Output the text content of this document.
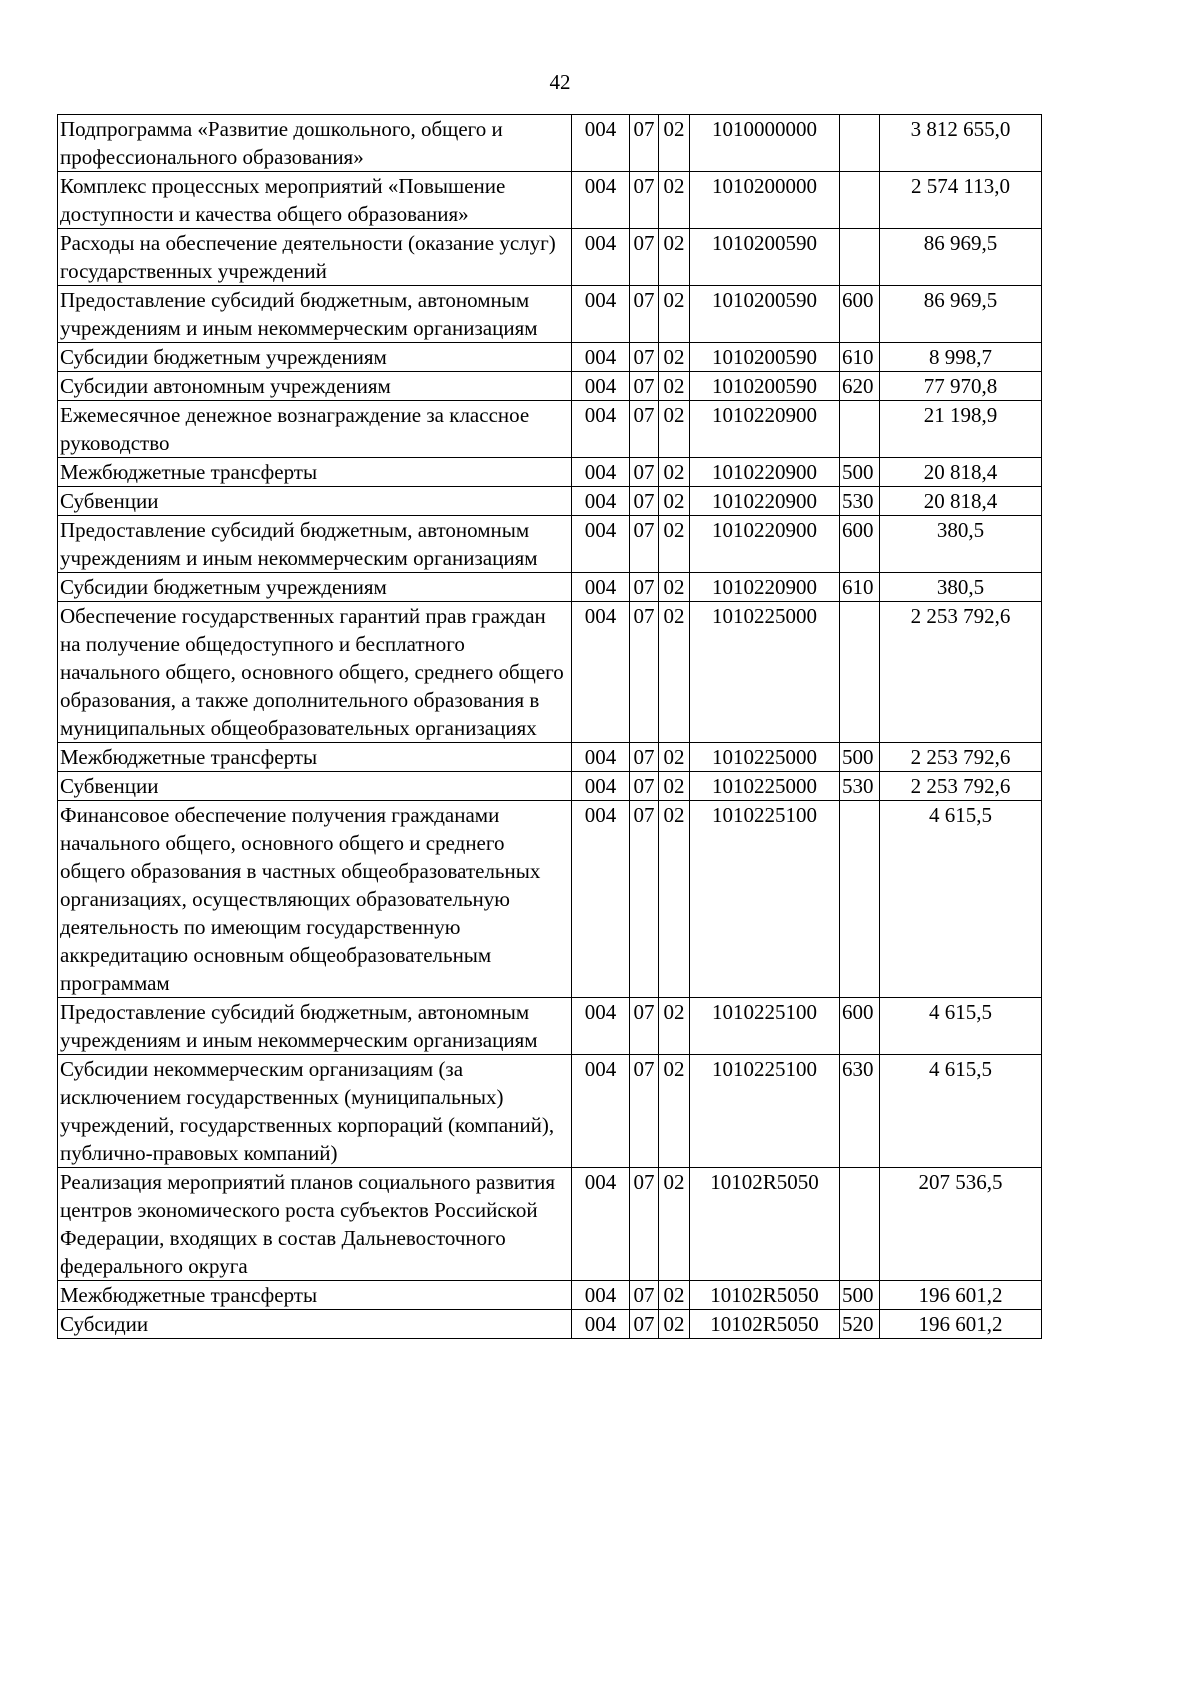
42
Подпрограмма «Развитие дошкольного, общего и профессионального образования»	004	07	02	1010000000		3 812 655,0
Комплекс процессных мероприятий «Повышение доступности и качества общего образования»	004	07	02	1010200000		2 574 113,0
Расходы на обеспечение деятельности (оказание услуг) государственных учреждений	004	07	02	1010200590		86 969,5
Предоставление субсидий бюджетным, автономным учреждениям и иным некоммерческим организациям	004	07	02	1010200590	600	86 969,5
Субсидии бюджетным учреждениям	004	07	02	1010200590	610	8 998,7
Субсидии автономным учреждениям	004	07	02	1010200590	620	77 970,8
Ежемесячное денежное вознаграждение за классное руководство	004	07	02	1010220900		21 198,9
Межбюджетные трансферты	004	07	02	1010220900	500	20 818,4
Субвенции	004	07	02	1010220900	530	20 818,4
Предоставление субсидий бюджетным, автономным учреждениям и иным некоммерческим организациям	004	07	02	1010220900	600	380,5
Субсидии бюджетным учреждениям	004	07	02	1010220900	610	380,5
Обеспечение государственных гарантий прав граждан на получение общедоступного и бесплатного начального общего, основного общего, среднего общего образования, а также дополнительного образования в муниципальных общеобразовательных организациях	004	07	02	1010225000		2 253 792,6
Межбюджетные трансферты	004	07	02	1010225000	500	2 253 792,6
Субвенции	004	07	02	1010225000	530	2 253 792,6
Финансовое обеспечение получения гражданами начального общего, основного общего и среднего общего образования в частных общеобразовательных организациях, осуществляющих образовательную деятельность по имеющим государственную аккредитацию основным общеобразовательным программам	004	07	02	1010225100		4 615,5
Предоставление субсидий бюджетным, автономным учреждениям и иным некоммерческим организациям	004	07	02	1010225100	600	4 615,5
Субсидии некоммерческим организациям (за исключением государственных (муниципальных) учреждений, государственных корпораций (компаний), публично-правовых компаний)	004	07	02	1010225100	630	4 615,5
Реализация мероприятий планов социального развития центров экономического роста субъектов Российской Федерации, входящих в состав Дальневосточного федерального округа	004	07	02	10102R5050		207 536,5
Межбюджетные трансферты	004	07	02	10102R5050	500	196 601,2
Субсидии	004	07	02	10102R5050	520	196 601,2
